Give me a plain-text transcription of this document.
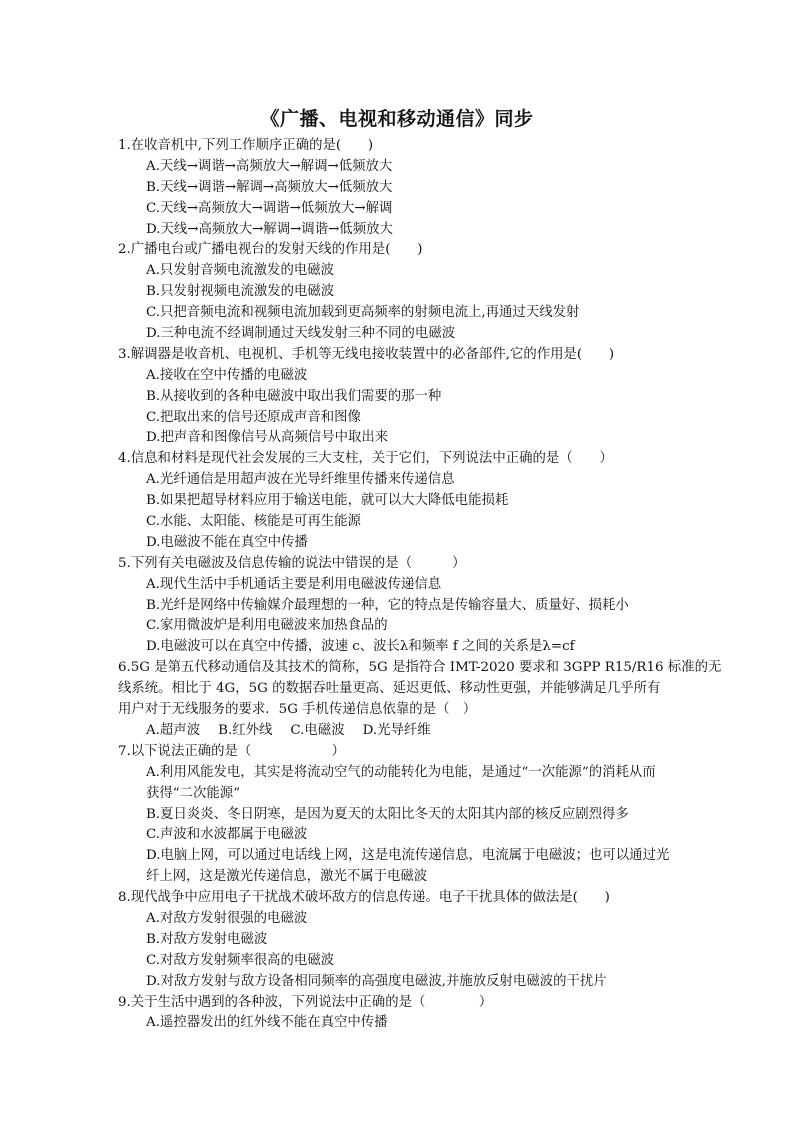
《广播、电视和移动通信》同步
1.在收音机中,下列工作顺序正确的是(　　)
A.天线→调谐→高频放大→解调→低频放大
B.天线→调谐→解调→高频放大→低频放大
C.天线→高频放大→调谐→低频放大→解调
D.天线→高频放大→解调→调谐→低频放大
2.广播电台或广播电视台的发射天线的作用是(　　)
A.只发射音频电流激发的电磁波
B.只发射视频电流激发的电磁波
C.只把音频电流和视频电流加载到更高频率的射频电流上,再通过天线发射
D.三种电流不经调制通过天线发射三种不同的电磁波
3.解调器是收音机、电视机、手机等无线电接收装置中的必备部件,它的作用是(　　)
A.接收在空中传播的电磁波
B.从接收到的各种电磁波中取出我们需要的那一种
C.把取出来的信号还原成声音和图像
D.把声音和图像信号从高频信号中取出来
4.信息和材料是现代社会发展的三大支柱，关于它们，下列说法中正确的是（　　）
A.光纤通信是用超声波在光导纤维里传播来传递信息
B.如果把超导材料应用于输送电能，就可以大大降低电能损耗
C.水能、太阳能、核能是可再生能源
D.电磁波不能在真空中传播
5.下列有关电磁波及信息传输的说法中错误的是（　　　）
A.现代生活中手机通话主要是利用电磁波传递信息
B.光纤是网络中传输媒介最理想的一种，它的特点是传输容量大、质量好、损耗小
C.家用微波炉是利用电磁波来加热食品的
D.电磁波可以在真空中传播，波速 c、波长λ和频率 f 之间的关系是λ=cf
6.5G 是第五代移动通信及其技术的简称，5G 是指符合 IMT-2020 要求和 3GPP R15/R16 标准的无
线系统。相比于 4G，5G 的数据吞吐量更高、延迟更低、移动性更强，并能够满足几乎所有
用户对于无线服务的要求．5G 手机传递信息依靠的是（　）
A.超声波 B.红外线 C.电磁波 D.光导纤维
7.以下说法正确的是（　　　　　　）
A.利用风能发电，其实是将流动空气的动能转化为电能，是通过“一次能源”的消耗从而
获得“二次能源”
B.夏日炎炎、冬日阴寒，是因为夏天的太阳比冬天的太阳其内部的核反应剧烈得多
C.声波和水波都属于电磁波
D.电脑上网，可以通过电话线上网，这是电流传递信息，电流属于电磁波；也可以通过光
纤上网，这是激光传递信息，激光不属于电磁波
8.现代战争中应用电子干扰战术破坏敌方的信息传递。电子干扰具体的做法是(　　)
A.对敌方发射很强的电磁波
B.对敌方发射电磁波
C.对敌方发射频率很高的电磁波
D.对敌方发射与敌方设备相同频率的高强度电磁波,并施放反射电磁波的干扰片
9.关于生活中遇到的各种波，下列说法中正确的是（　　　　）
A.遥控器发出的红外线不能在真空中传播
